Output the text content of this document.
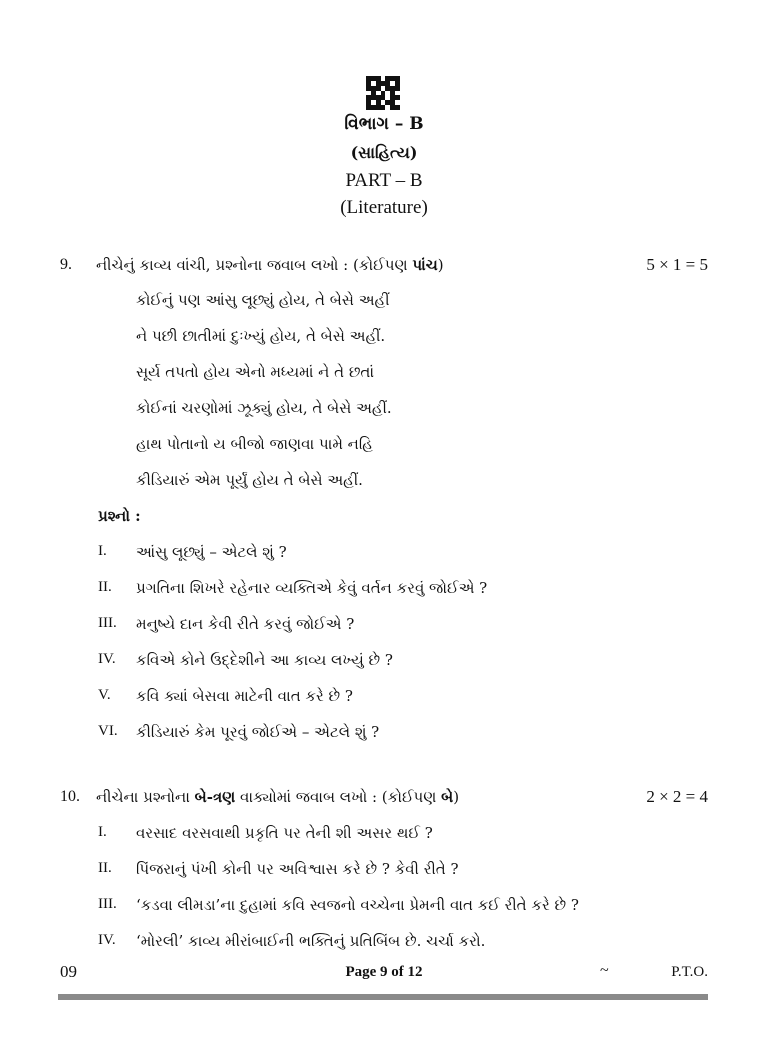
વિભાગ – B
(સાહિત્ય)
PART – B
(Literature)
9. નીચેનું કાવ્ય વાંચી, પ્રશ્નોના જવાબ લખો : (કોઈપણ પાંચ)	5 × 1 = 5
કોઈનું પણ આંસુ લૂછ્યું હોય, તે બેસે અહીં
ને પછી છાતીમાં દુઃખ્યું હોય, તે બેસે અહીં.
સૂર્ય તપતો હોય એનો મધ્યમાં ને તે છતાં
કોઈનાં ચરણોમાં ઝૂક્યું હોય, તે બેસે અહીં.
હાથ પોતાનો ય બીજો જાણવા પામે નહિ
કીડિયારું એમ પૂર્યું હોય તે બેસે અહીં.
પ્રશ્નો :
I. આંસુ લૂછ્યું – એટલે શું ?
II. પ્રગતિના શિખરે રહેનાર વ્યક્તિએ કેવું વર્તન કરવું જોઈએ ?
III. મનુષ્યે દાન કેવી રીતે કરવું જોઈએ ?
IV. કવિએ કોને ઉદ્દેશીને આ કાવ્ય લખ્યું છે ?
V. કવિ ક્યાં બેસવા માટેની વાત કરે છે ?
VI. કીડિયારું કેમ પૂરવું જોઈએ – એટલે શું ?
10. નીચેના પ્રશ્નોના બે-ત્રણ વાક્યોમાં જવાબ લખો : (કોઈપણ બે)	2 × 2 = 4
I. વરસાદ વરસવાથી પ્રકૃતિ પર તેની શી અસર થઈ ?
II. પિંજરાનું પંખી કોની પર અવિશ્વાસ કરે છે ? કેવી રીતે ?
III. ‘કડવા લીમડા’ના દુહામાં કવિ સ્વજનો વચ્ચેના પ્રેમની વાત કઈ રીતે કરે છે ?
IV. ‘મોરલી’ કાવ્ય મીરાંબાઈની ભક્તિનું પ્રતિબિંબ છે. ચર્ચા કરો.
09	Page 9 of 12	~	P.T.O.
